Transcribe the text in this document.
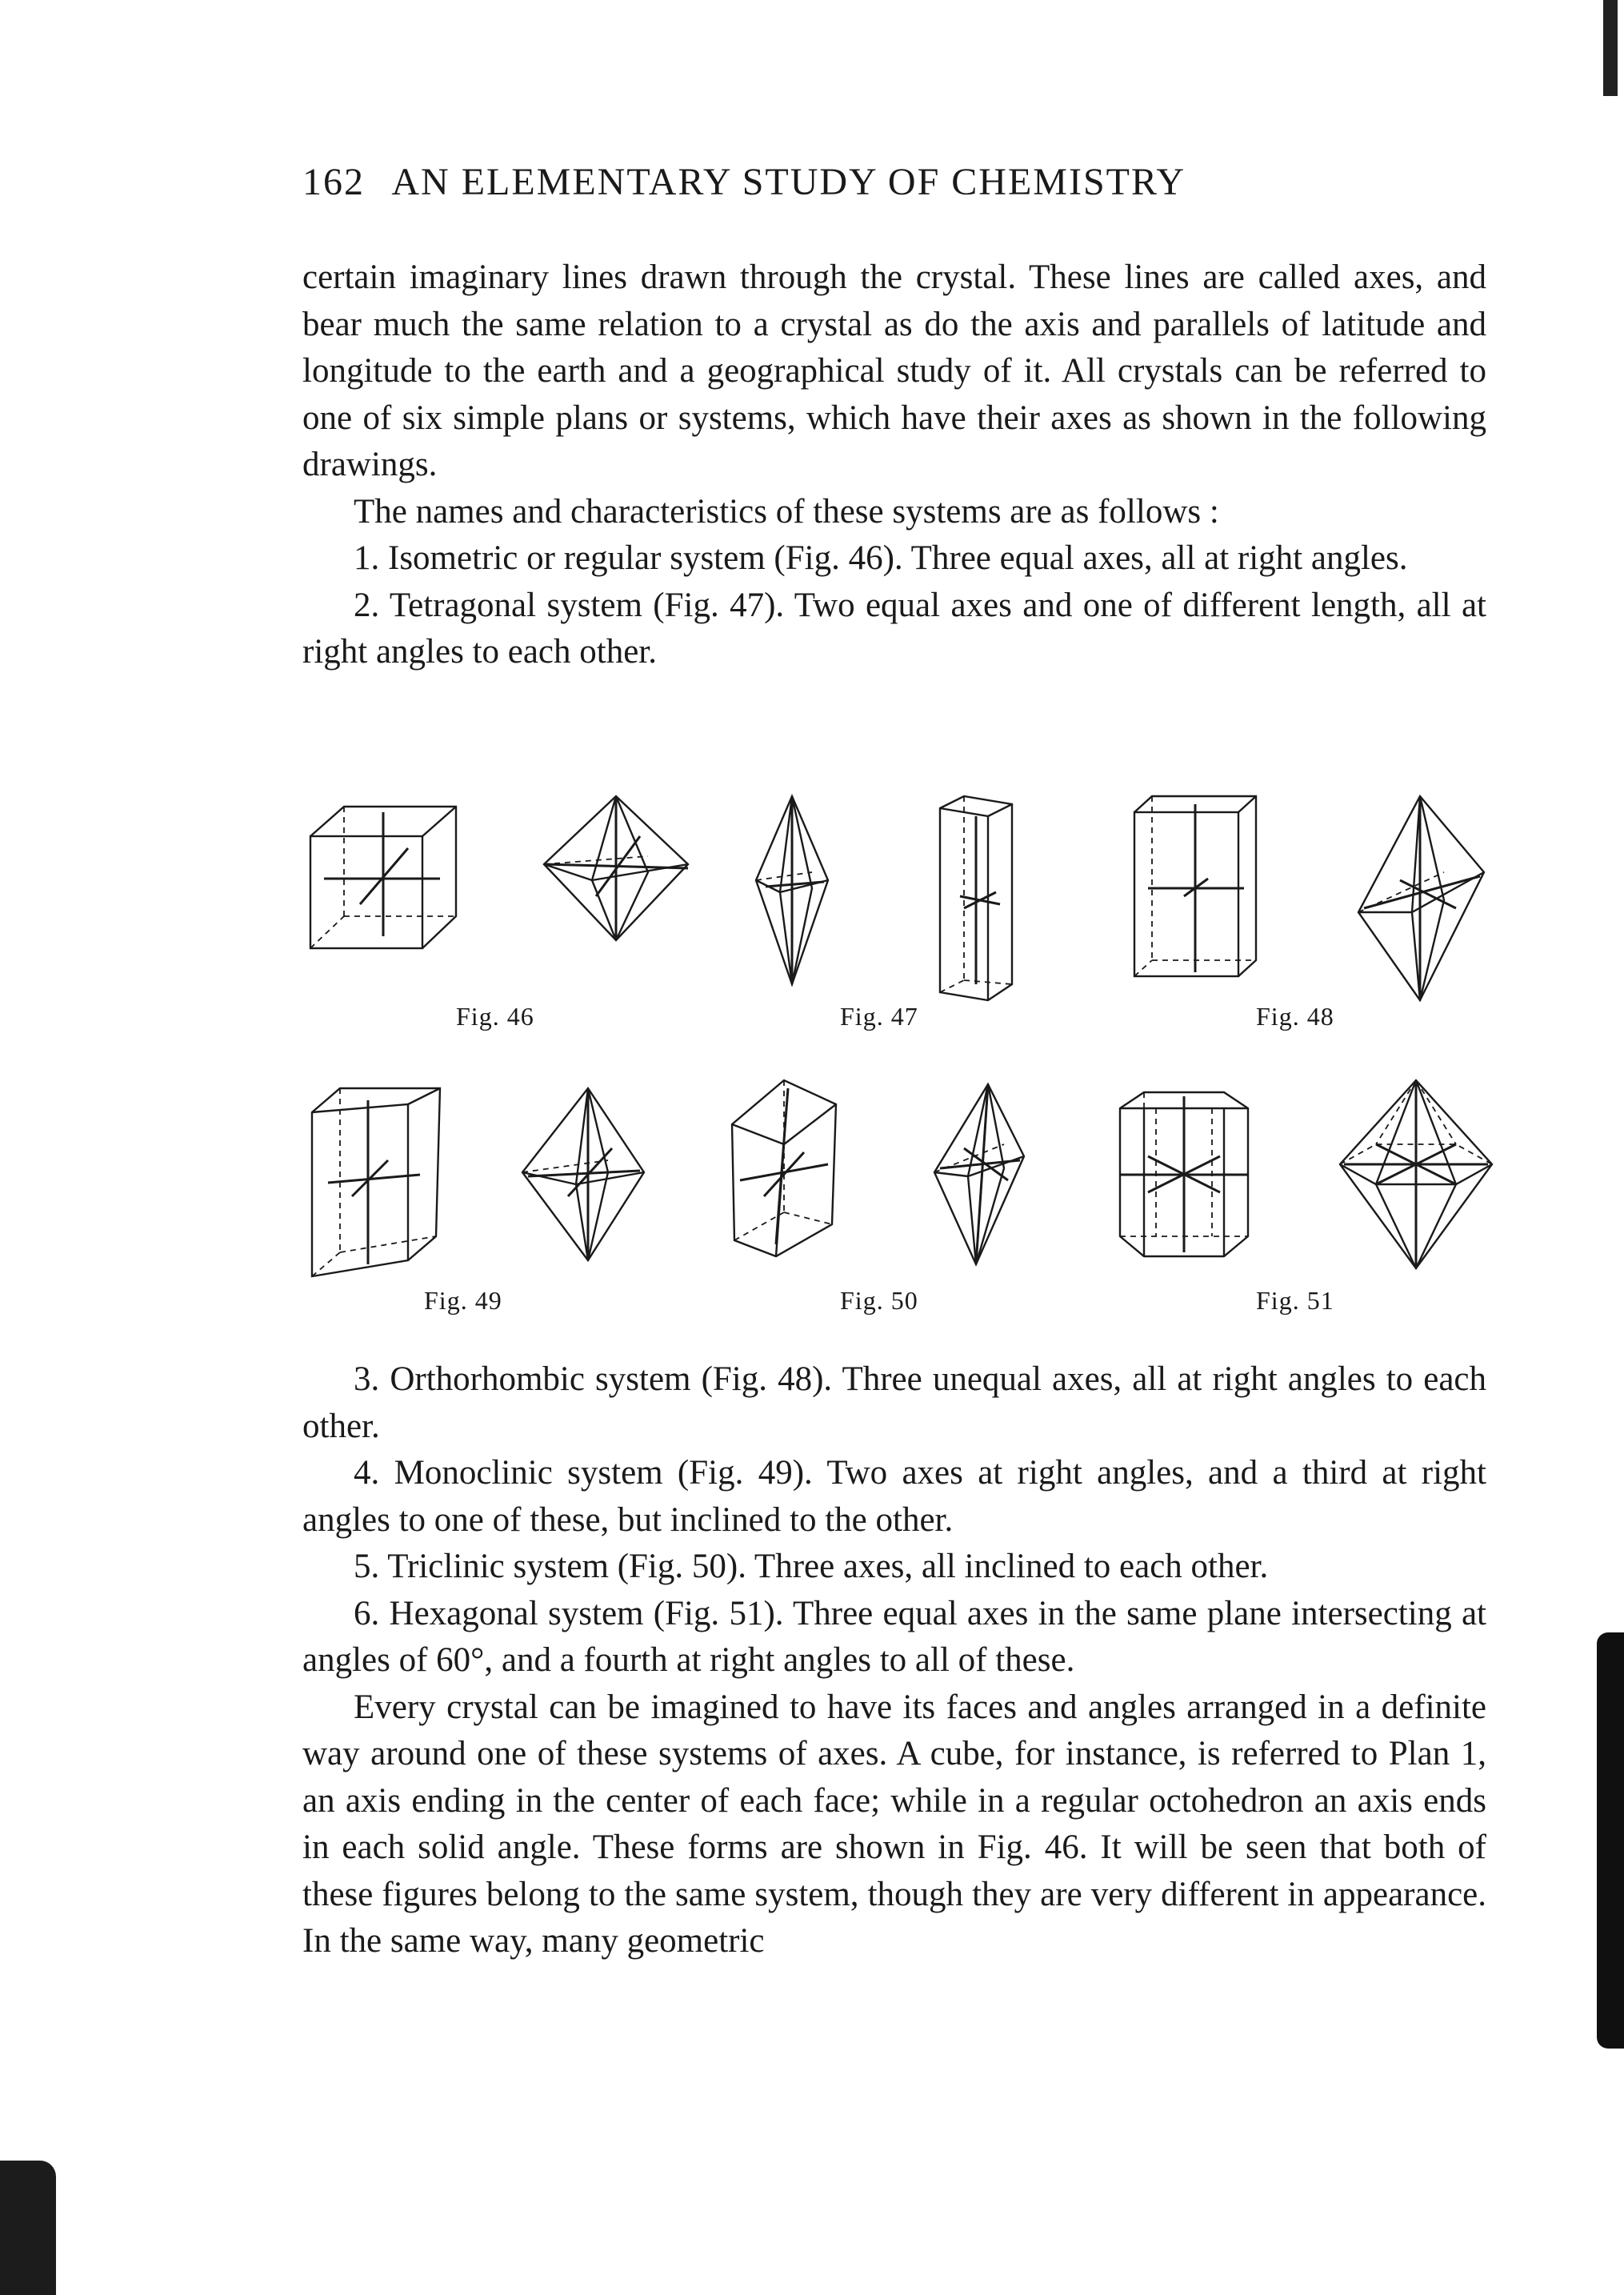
162 AN ELEMENTARY STUDY OF CHEMISTRY

certain imaginary lines drawn through the crystal. These lines are called axes, and bear much the same relation to a crystal as do the axis and parallels of latitude and longitude to the earth and a geographical study of it. All crystals can be referred to one of six simple plans or systems, which have their axes as shown in the following drawings.

The names and characteristics of these systems are as follows :

1. Isometric or regular system (Fig. 46). Three equal axes, all at right angles.

2. Tetragonal system (Fig. 47). Two equal axes and one of different length, all at right angles to each other.

Fig. 46	Fig. 47	Fig. 48
Fig. 49	Fig. 50	Fig. 51

3. Orthorhombic system (Fig. 48). Three unequal axes, all at right angles to each other.

4. Monoclinic system (Fig. 49). Two axes at right angles, and a third at right angles to one of these, but inclined to the other.

5. Triclinic system (Fig. 50). Three axes, all inclined to each other.

6. Hexagonal system (Fig. 51). Three equal axes in the same plane intersecting at angles of 60°, and a fourth at right angles to all of these.

Every crystal can be imagined to have its faces and angles arranged in a definite way around one of these systems of axes. A cube, for instance, is referred to Plan 1, an axis ending in the center of each face; while in a regular octohedron an axis ends in each solid angle. These forms are shown in Fig. 46. It will be seen that both of these figures belong to the same system, though they are very different in appearance. In the same way, many geometric
